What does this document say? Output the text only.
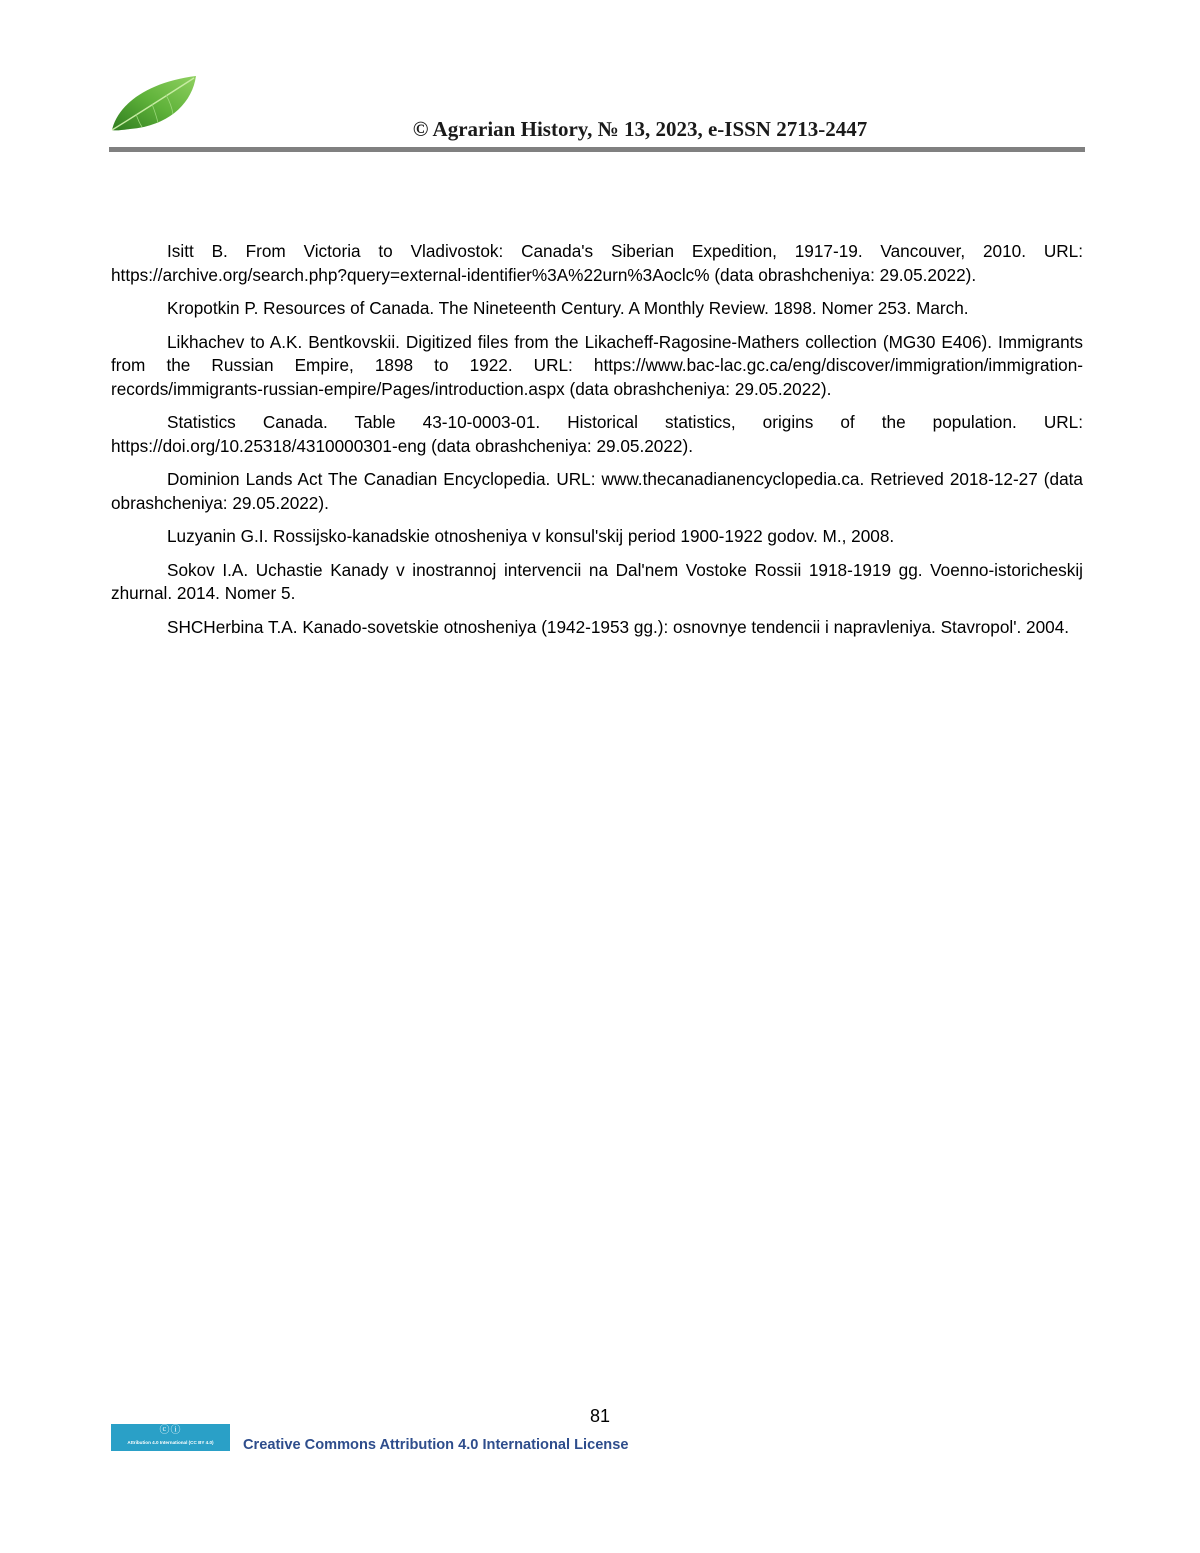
© Agrarian History, № 13, 2023, e-ISSN 2713-2447

Isitt B. From Victoria to Vladivostok: Canada's Siberian Expedition, 1917-19. Vancouver, 2010. URL: https://archive.org/search.php?query=external-identifier%3A%22urn%3Aoclc% (data obrashcheniya: 29.05.2022).

Kropotkin P. Resources of Canada. The Nineteenth Century. A Monthly Review. 1898. Nomer 253. March.

Likhachev to A.K. Bentkovskii. Digitized files from the Likacheff-Ragosine-Mathers collection (MG30 E406). Immigrants from the Russian Empire, 1898 to 1922. URL: https://www.bac-lac.gc.ca/eng/discover/immigration/immigration-records/immigrants-russian-empire/Pages/introduction.aspx (data obrashcheniya: 29.05.2022).

Statistics Canada. Table 43-10-0003-01. Historical statistics, origins of the population. URL: https://doi.org/10.25318/4310000301-eng (data obrashcheniya: 29.05.2022).

Dominion Lands Act The Canadian Encyclopedia. URL: www.thecanadianencyclopedia.ca. Retrieved 2018-12-27 (data obrashcheniya: 29.05.2022).

Luzyanin G.I. Rossijsko-kanadskie otnosheniya v konsul'skij period 1900-1922 godov. M., 2008.

Sokov I.A. Uchastie Kanady v inostrannoj intervencii na Dal'nem Vostoke Rossii 1918-1919 gg. Voenno-istoricheskij zhurnal. 2014. Nomer 5.

SHCHerbina T.A. Kanado-sovetskie otnosheniya (1942-1953 gg.): osnovnye tendencii i napravleniya. Stavropol'. 2004.

81
ⓒⓘ
Attribution 4.0 International (CC BY 4.0)	Creative Commons Attribution 4.0 International License
